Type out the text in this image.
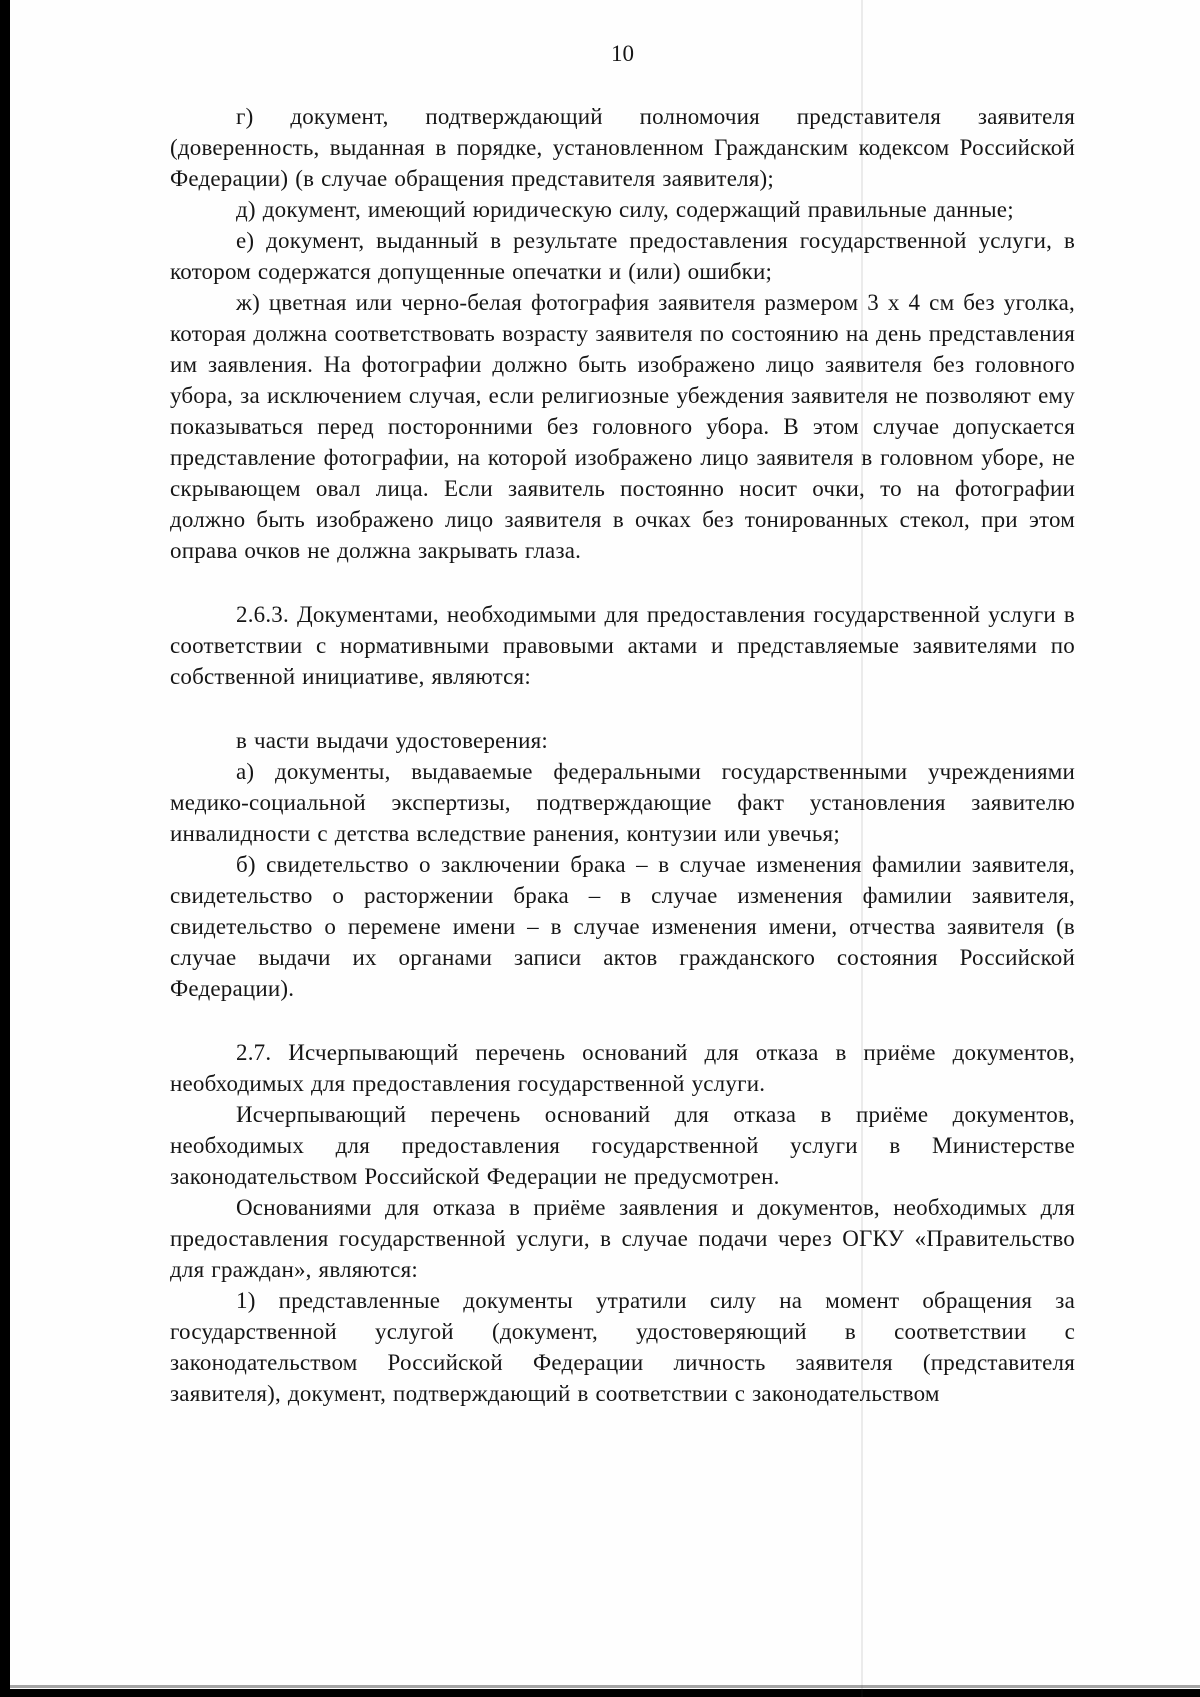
10

г) документ, подтверждающий полномочия представителя заявителя (доверенность, выданная в порядке, установленном Гражданским кодексом Российской Федерации) (в случае обращения представителя заявителя);

д) документ, имеющий юридическую силу, содержащий правильные данные;

е) документ, выданный в результате предоставления государственной услуги, в котором содержатся допущенные опечатки и (или) ошибки;

ж) цветная или черно-белая фотография заявителя размером 3 х 4 см без уголка, которая должна соответствовать возрасту заявителя по состоянию на день представления им заявления. На фотографии должно быть изображено лицо заявителя без головного убора, за исключением случая, если религиозные убеждения заявителя не позволяют ему показываться перед посторонними без головного убора. В этом случае допускается представление фотографии, на которой изображено лицо заявителя в головном уборе, не скрывающем овал лица. Если заявитель постоянно носит очки, то на фотографии должно быть изображено лицо заявителя в очках без тонированных стекол, при этом оправа очков не должна закрывать глаза.

2.6.3. Документами, необходимыми для предоставления государственной услуги в соответствии с нормативными правовыми актами и представляемые заявителями по собственной инициативе, являются:

в части выдачи удостоверения:

а) документы, выдаваемые федеральными государственными учреждениями медико-социальной экспертизы, подтверждающие факт установления заявителю инвалидности с детства вследствие ранения, контузии или увечья;

б) свидетельство о заключении брака – в случае изменения фамилии заявителя, свидетельство о расторжении брака – в случае изменения фамилии заявителя, свидетельство о перемене имени – в случае изменения имени, отчества заявителя (в случае выдачи их органами записи актов гражданского состояния Российской Федерации).

2.7. Исчерпывающий перечень оснований для отказа в приёме документов, необходимых для предоставления государственной услуги.

Исчерпывающий перечень оснований для отказа в приёме документов, необходимых для предоставления государственной услуги в Министерстве законодательством Российской Федерации не предусмотрен.

Основаниями для отказа в приёме заявления и документов, необходимых для предоставления государственной услуги, в случае подачи через ОГКУ «Правительство для граждан», являются:

1) представленные документы утратили силу на момент обращения за государственной услугой (документ, удостоверяющий в соответствии с законодательством Российской Федерации личность заявителя (представителя заявителя), документ, подтверждающий в соответствии с законодательством
